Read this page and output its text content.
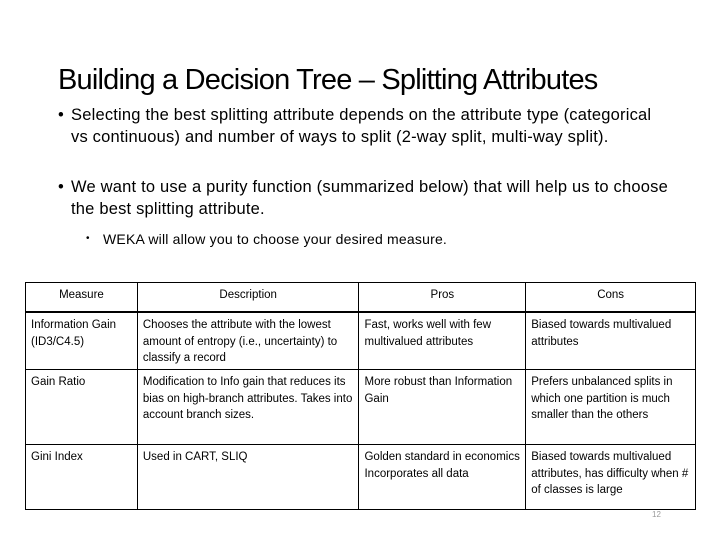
Building a Decision Tree – Splitting Attributes
• Selecting the best splitting attribute depends on the attribute type (categorical vs continuous) and number of ways to split (2-way split, multi-way split).
• We want to use a purity function (summarized below) that will help us to choose the best splitting attribute.
• WEKA will allow you to choose your desired measure.
Measure	Description	Pros	Cons
Information Gain (ID3/C4.5)	Chooses the attribute with the lowest amount of entropy (i.e., uncertainty) to classify a record	Fast, works well with few multivalued attributes	Biased towards multivalued attributes
Gain Ratio	Modification to Info gain that reduces its bias on high-branch attributes. Takes into account branch sizes.	More robust than Information Gain	Prefers unbalanced splits in which one partition is much smaller than the others
Gini Index	Used in CART, SLIQ	Golden standard in economics Incorporates all data	Biased towards multivalued attributes, has difficulty when # of classes is large
12
